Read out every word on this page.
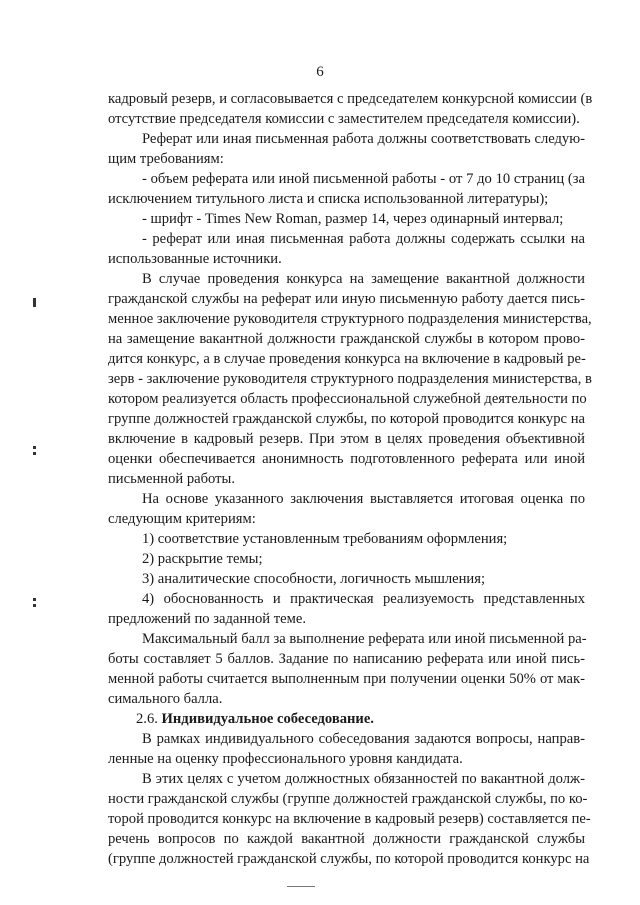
6
кадровый резерв, и согласовывается с председателем конкурсной комиссии (в
отсутствие председателя комиссии с заместителем председателя комиссии).
Реферат или иная письменная работа должны соответствовать следую-
щим требованиям:
- объем реферата или иной письменной работы - от 7 до 10 страниц (за
исключением титульного листа и списка использованной литературы);
- шрифт - Times New Roman, размер 14, через одинарный интервал;
- реферат или иная письменная работа должны содержать ссылки на
использованные источники.
В случае проведения конкурса на замещение вакантной должности
гражданской службы на реферат или иную письменную работу дается пись-
менное заключение руководителя структурного подразделения министерства,
на замещение вакантной должности гражданской службы в котором прово-
дится конкурс, а в случае проведения конкурса на включение в кадровый ре-
зерв - заключение руководителя структурного подразделения министерства, в
котором реализуется область профессиональной служебной деятельности по
группе должностей гражданской службы, по которой проводится конкурс на
включение в кадровый резерв. При этом в целях проведения объективной
оценки обеспечивается анонимность подготовленного реферата или иной
письменной работы.
На основе указанного заключения выставляется итоговая оценка по
следующим критериям:
1) соответствие установленным требованиям оформления;
2) раскрытие темы;
3) аналитические способности, логичность мышления;
4) обоснованность и практическая реализуемость представленных
предложений по заданной теме.
Максимальный балл за выполнение реферата или иной письменной ра-
боты составляет 5 баллов. Задание по написанию реферата или иной пись-
менной работы считается выполненным при получении оценки 50% от мак-
симального балла.
2.6. Индивидуальное собеседование.
В рамках индивидуального собеседования задаются вопросы, направ-
ленные на оценку профессионального уровня кандидата.
В этих целях с учетом должностных обязанностей по вакантной долж-
ности гражданской службы (группе должностей гражданской службы, по ко-
торой проводится конкурс на включение в кадровый резерв) составляется пе-
речень вопросов по каждой вакантной должности гражданской службы
(группе должностей гражданской службы, по которой проводится конкурс на
